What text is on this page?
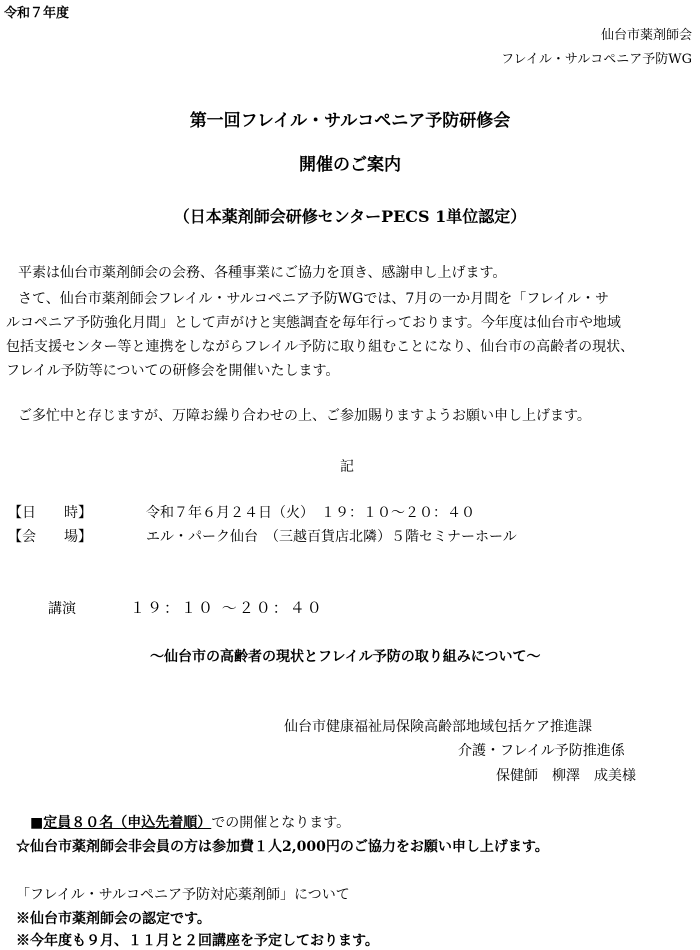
令和７年度
仙台市薬剤師会
フレイル・サルコペニア予防WG
第一回フレイル・サルコペニア予防研修会
開催のご案内
（日本薬剤師会研修センターPECS 1単位認定）
平素は仙台市薬剤師会の会務、各種事業にご協力を頂き、感謝申し上げます。
さて、仙台市薬剤師会フレイル・サルコペニア予防WGでは、7月の一か月間を「フレイル・サ
ルコペニア予防強化月間」として声がけと実態調査を毎年行っております。今年度は仙台市や地域
包括支援センター等と連携をしながらフレイル予防に取り組むことになり、仙台市の高齢者の現状、
フレイル予防等についての研修会を開催いたします。
ご多忙中と存じますが、万障お繰り合わせの上、ご参加賜りますようお願い申し上げます。
記
【日　　時】	令和７年６月２４日（火）　１９：１０～２０：４０
【会　　場】	エル・パーク仙台　（三越百貨店北隣）５階セミナーホール
講演	１９：１０ ～２０：４０
～仙台市の高齢者の現状とフレイル予防の取り組みについて～
仙台市健康福祉局保険高齢部地域包括ケア推進課
介護・フレイル予防推進係
保健師　柳澤　成美様
■定員８０名（申込先着順）での開催となります。
☆仙台市薬剤師会非会員の方は参加費１人2,000円のご協力をお願い申し上げます。
「フレイル・サルコペニア予防対応薬剤師」について
※仙台市薬剤師会の認定です。
※今年度も９月、１１月と２回講座を予定しております。
